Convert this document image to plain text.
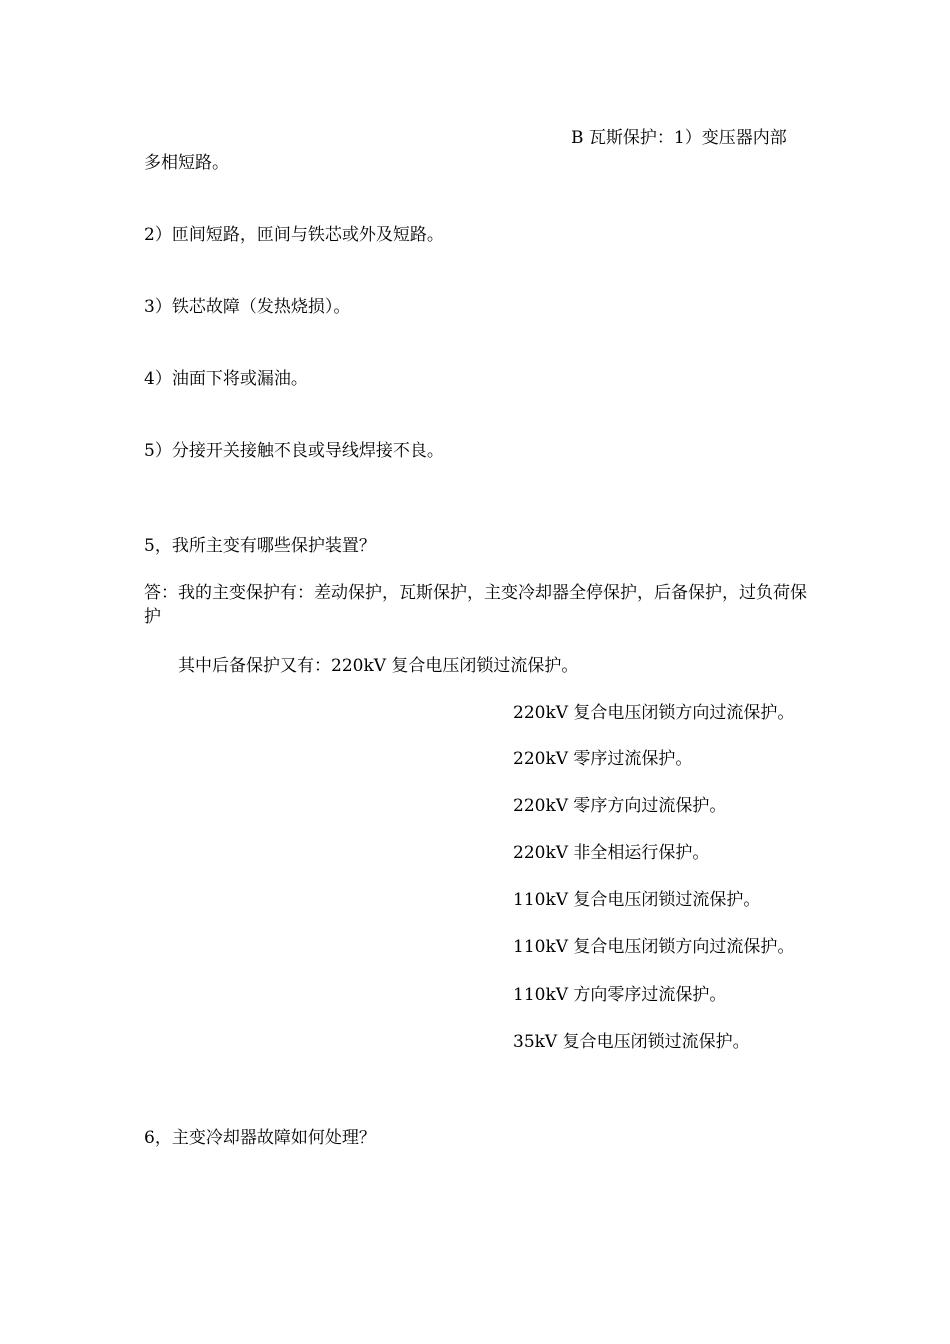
B 瓦斯保护：1）变压器内部
多相短路。
2）匝间短路，匝间与铁芯或外及短路。
3）铁芯故障（发热烧损）。
4）油面下将或漏油。
5）分接开关接触不良或导线焊接不良。
5，我所主变有哪些保护装置？
答：我的主变保护有：差动保护，瓦斯保护，主变冷却器全停保护，后备保护，过负荷保护
其中后备保护又有：220kV 复合电压闭锁过流保护。
220kV 复合电压闭锁方向过流保护。
220kV 零序过流保护。
220kV 零序方向过流保护。
220kV 非全相运行保护。
110kV 复合电压闭锁过流保护。
110kV 复合电压闭锁方向过流保护。
110kV 方向零序过流保护。
35kV 复合电压闭锁过流保护。
6，主变冷却器故障如何处理？
